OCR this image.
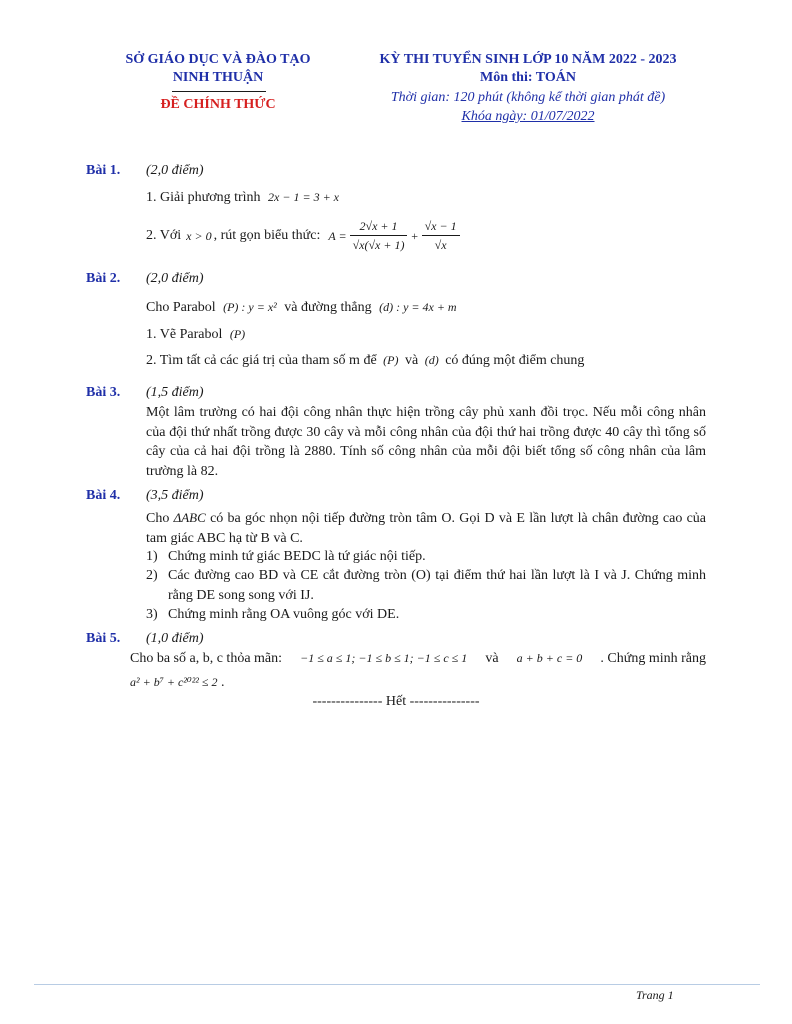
SỞ GIÁO DỤC VÀ ĐÀO TẠO
NINH THUẬN
ĐỀ CHÍNH THỨC
KỲ THI TUYỂN SINH LỚP 10 NĂM 2022 - 2023
Môn thi: TOÁN
Thời gian: 120 phút (không kể thời gian phát đề)
Khóa ngày: 01/07/2022
Bài 1. (2,0 điểm)
1. Giải phương trình 2x − 1 = 3 + x
2. Với x > 0 , rút gọn biểu thức: $A = \frac{2√x + 1}{√x(√x + 1)} + \frac{√x - 1}{√x}$
Bài 2. (2,0 điểm)
Cho Parabol (P) : y = x² và đường thẳng (d) : y = 4x + m
1. Vẽ Parabol (P)
2. Tìm tất cả các giá trị của tham số m để (P) và (d) có đúng một điểm chung
Bài 3. (1,5 điểm)
Một lâm trường có hai đội công nhân thực hiện trồng cây phủ xanh đồi trọc. Nếu mỗi công nhân của đội thứ nhất trồng được 30 cây và mỗi công nhân của đội thứ hai trồng được 40 cây thì tổng số cây của cả hai đội trồng là 2880. Tính số công nhân của mỗi đội biết tổng số công nhân của lâm trường là 82.
Bài 4. (3,5 điểm)
Cho ΔABC có ba góc nhọn nội tiếp đường tròn tâm O. Gọi D và E lần lượt là chân đường cao của tam giác ABC hạ từ B và C.
1) Chứng minh tứ giác BEDC là tứ giác nội tiếp.
2) Các đường cao BD và CE cắt đường tròn (O) tại điểm thứ hai lần lượt là I và J. Chứng minh rằng DE song song với IJ.
3) Chứng minh rằng OA vuông góc với DE.
Bài 5. (1,0 điểm)
Cho ba số a, b, c thỏa mãn: −1 ≤ a ≤ 1; −1 ≤ b ≤ 1; −1 ≤ c ≤ 1 và a + b + c = 0 . Chứng minh rằng
a² + b⁷ + c²⁰²² ≤ 2 .
--------------- Hết ---------------
Trang 1
